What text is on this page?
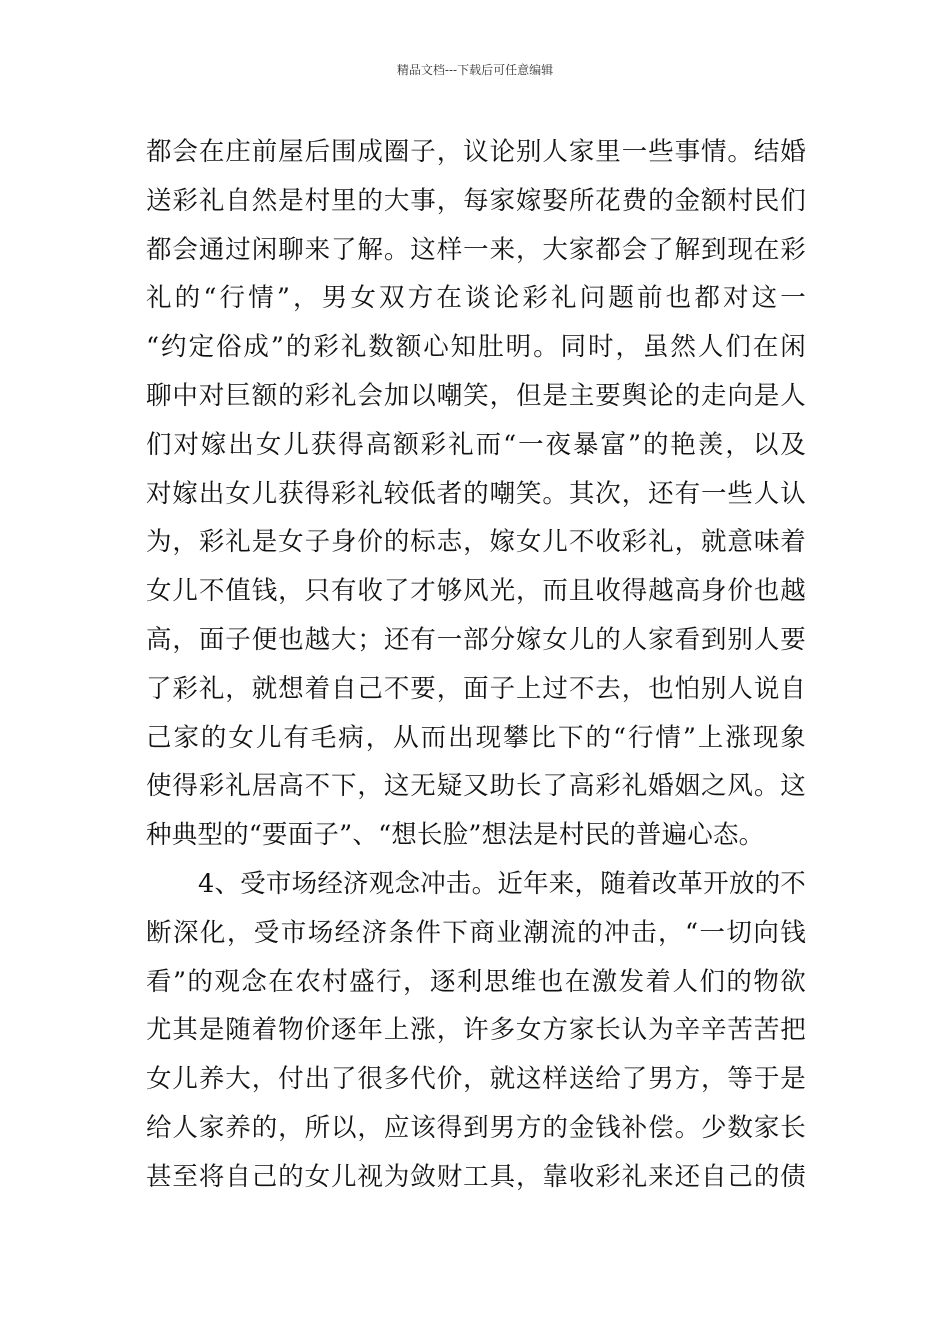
精品文档---下载后可任意编辑
都会在庄前屋后围成圈子，议论别人家里一些事情。结婚
送彩礼自然是村里的大事，每家嫁娶所花费的金额村民们
都会通过闲聊来了解。这样一来，大家都会了解到现在彩
礼的“行情”，男女双方在谈论彩礼问题前也都对这一
“约定俗成”的彩礼数额心知肚明。同时，虽然人们在闲
聊中对巨额的彩礼会加以嘲笑，但是主要舆论的走向是人
们对嫁出女儿获得高额彩礼而“一夜暴富”的艳羡，以及
对嫁出女儿获得彩礼较低者的嘲笑。其次，还有一些人认
为，彩礼是女子身价的标志，嫁女儿不收彩礼，就意味着
女儿不值钱，只有收了才够风光，而且收得越高身价也越
高，面子便也越大；还有一部分嫁女儿的人家看到别人要
了彩礼，就想着自己不要，面子上过不去，也怕别人说自
己家的女儿有毛病，从而出现攀比下的“行情”上涨现象
使得彩礼居高不下，这无疑又助长了高彩礼婚姻之风。这
种典型的“要面子”、“想长脸”想法是村民的普遍心态。
4、受市场经济观念冲击。近年来，随着改革开放的不
断深化，受市场经济条件下商业潮流的冲击，“一切向钱
看”的观念在农村盛行，逐利思维也在激发着人们的物欲
尤其是随着物价逐年上涨，许多女方家长认为辛辛苦苦把
女儿养大，付出了很多代价，就这样送给了男方，等于是
给人家养的，所以，应该得到男方的金钱补偿。少数家长
甚至将自己的女儿视为敛财工具，靠收彩礼来还自己的债
